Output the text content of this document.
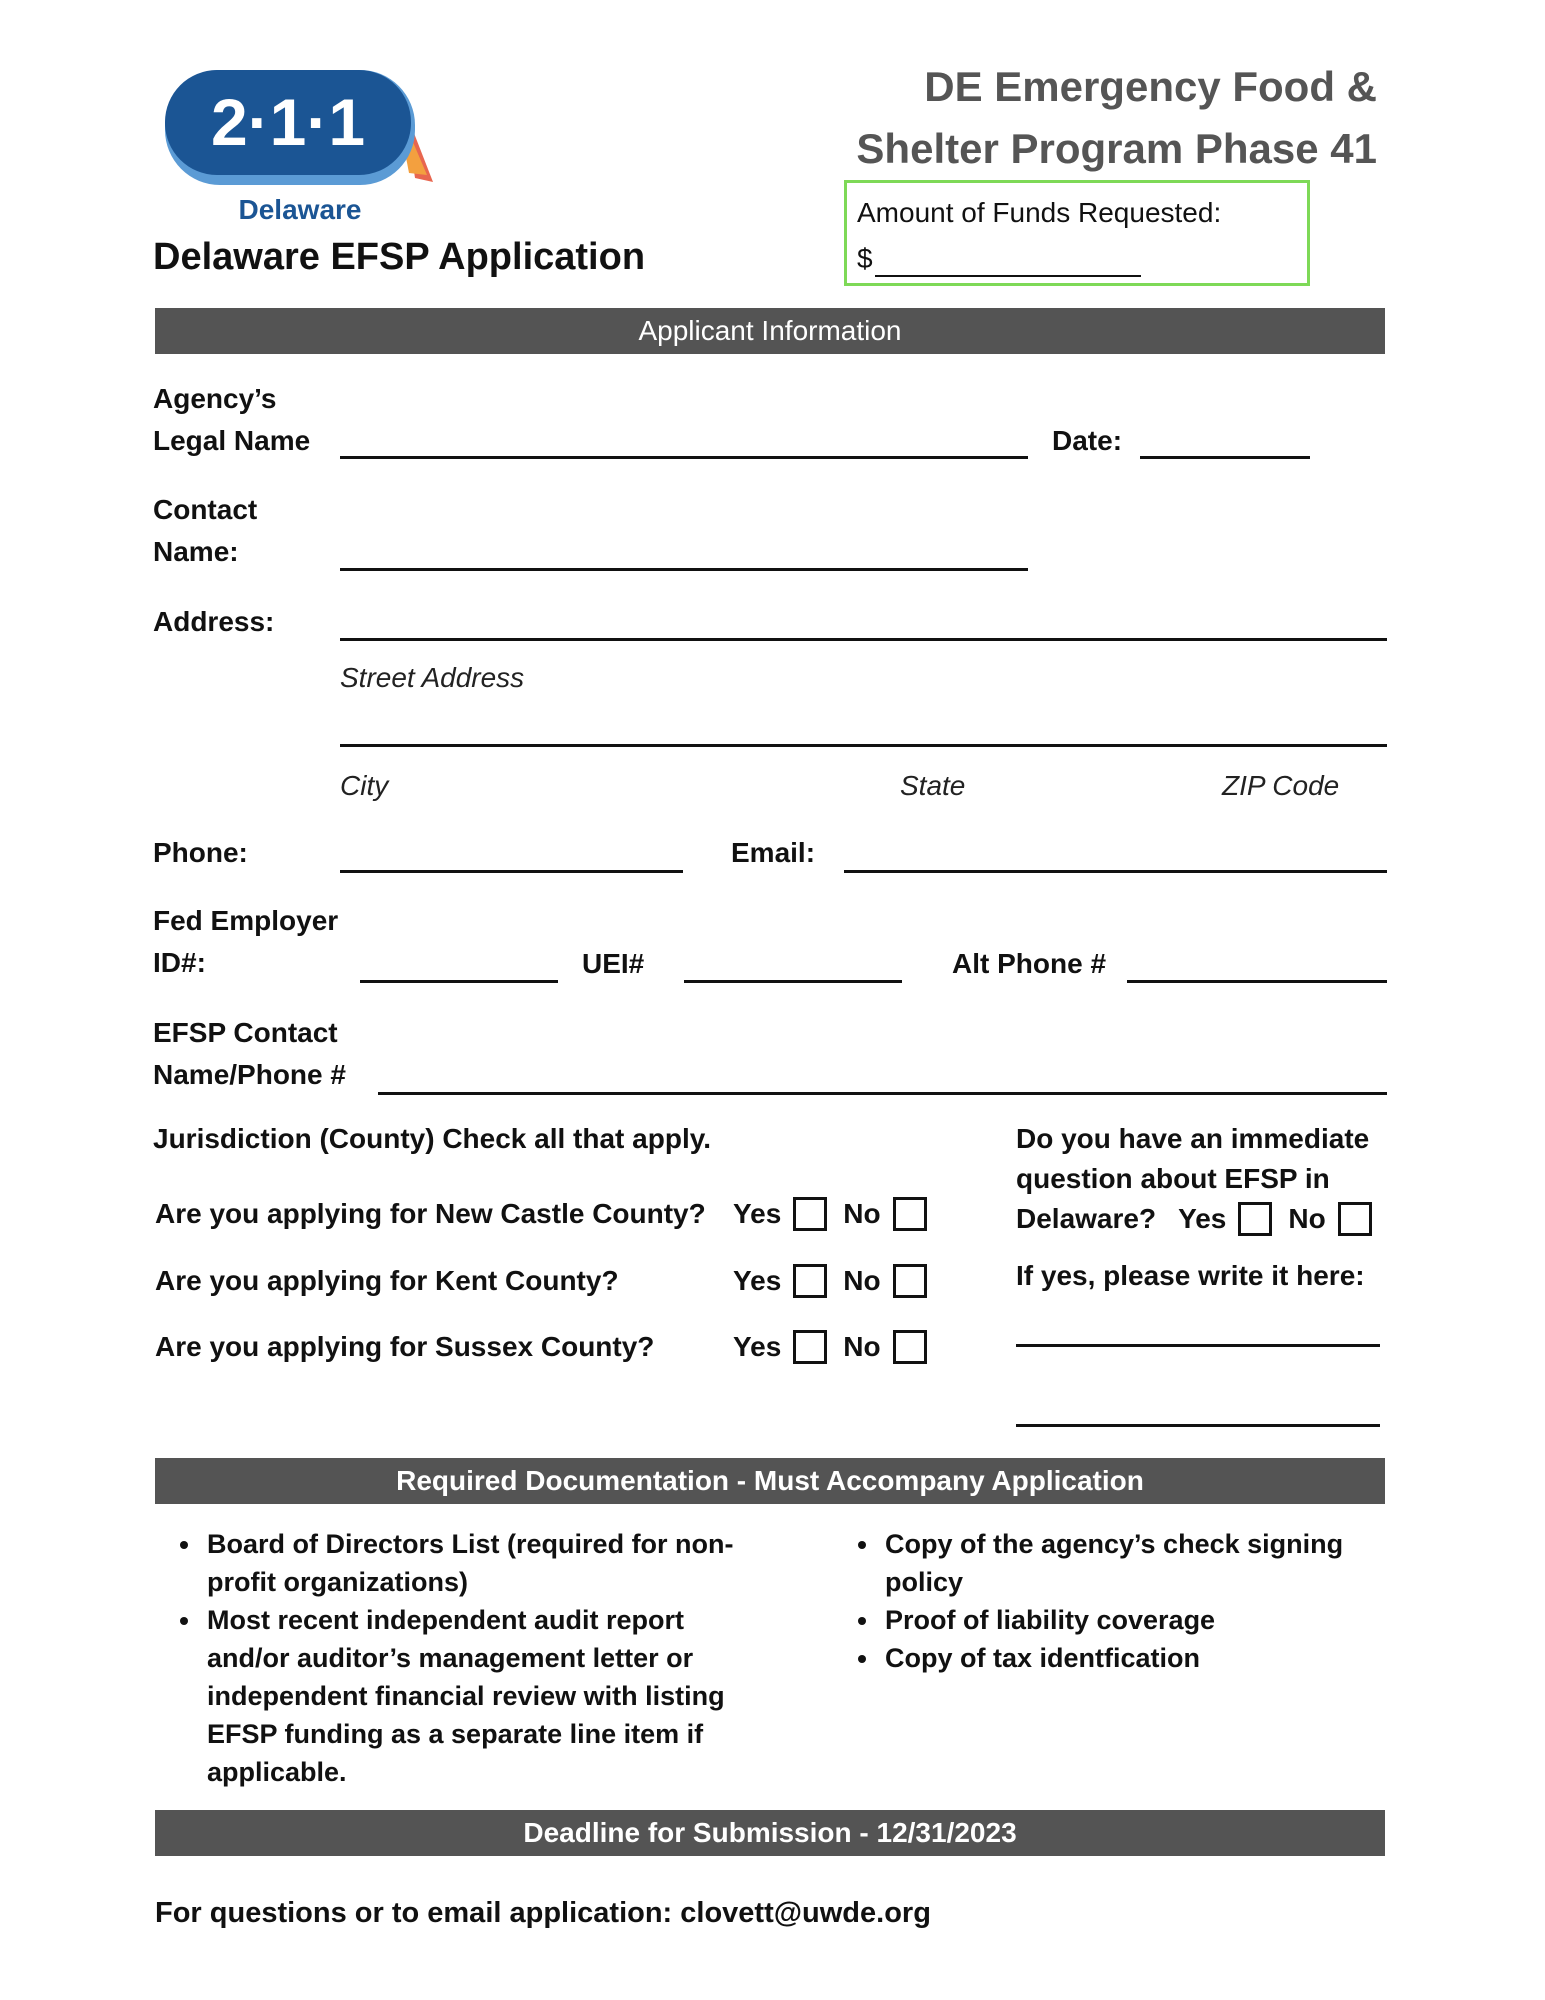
2·1·1
Delaware
Delaware EFSP Application
DE Emergency Food &
Shelter Program Phase 41
Amount of Funds Requested:
$
Applicant Information
Agency’s
Legal Name	Date:
Contact
Name:
Address:
Street Address
City	State	ZIP Code
Phone:	Email:
Fed Employer
ID#:	UEI#	Alt Phone #
EFSP Contact
Name/Phone #
Jurisdiction (County) Check all that apply.
Are you applying for New Castle County? Yes No
Are you applying for Kent County?	Yes No
Are you applying for Sussex County?	Yes No
Do you have an immediate
question about EFSP in
Delaware? Yes No
If yes, please write it here:
Required Documentation - Must Accompany Application
• Board of Directors List (required for non-profit organizations)
• Most recent independent audit report and/or auditor’s management letter or independent financial review with listing EFSP funding as a separate line item if applicable.
• Copy of the agency’s check signing policy
• Proof of liability coverage
• Copy of tax identfication
Deadline for Submission - 12/31/2023
For questions or to email application: clovett@uwde.org
